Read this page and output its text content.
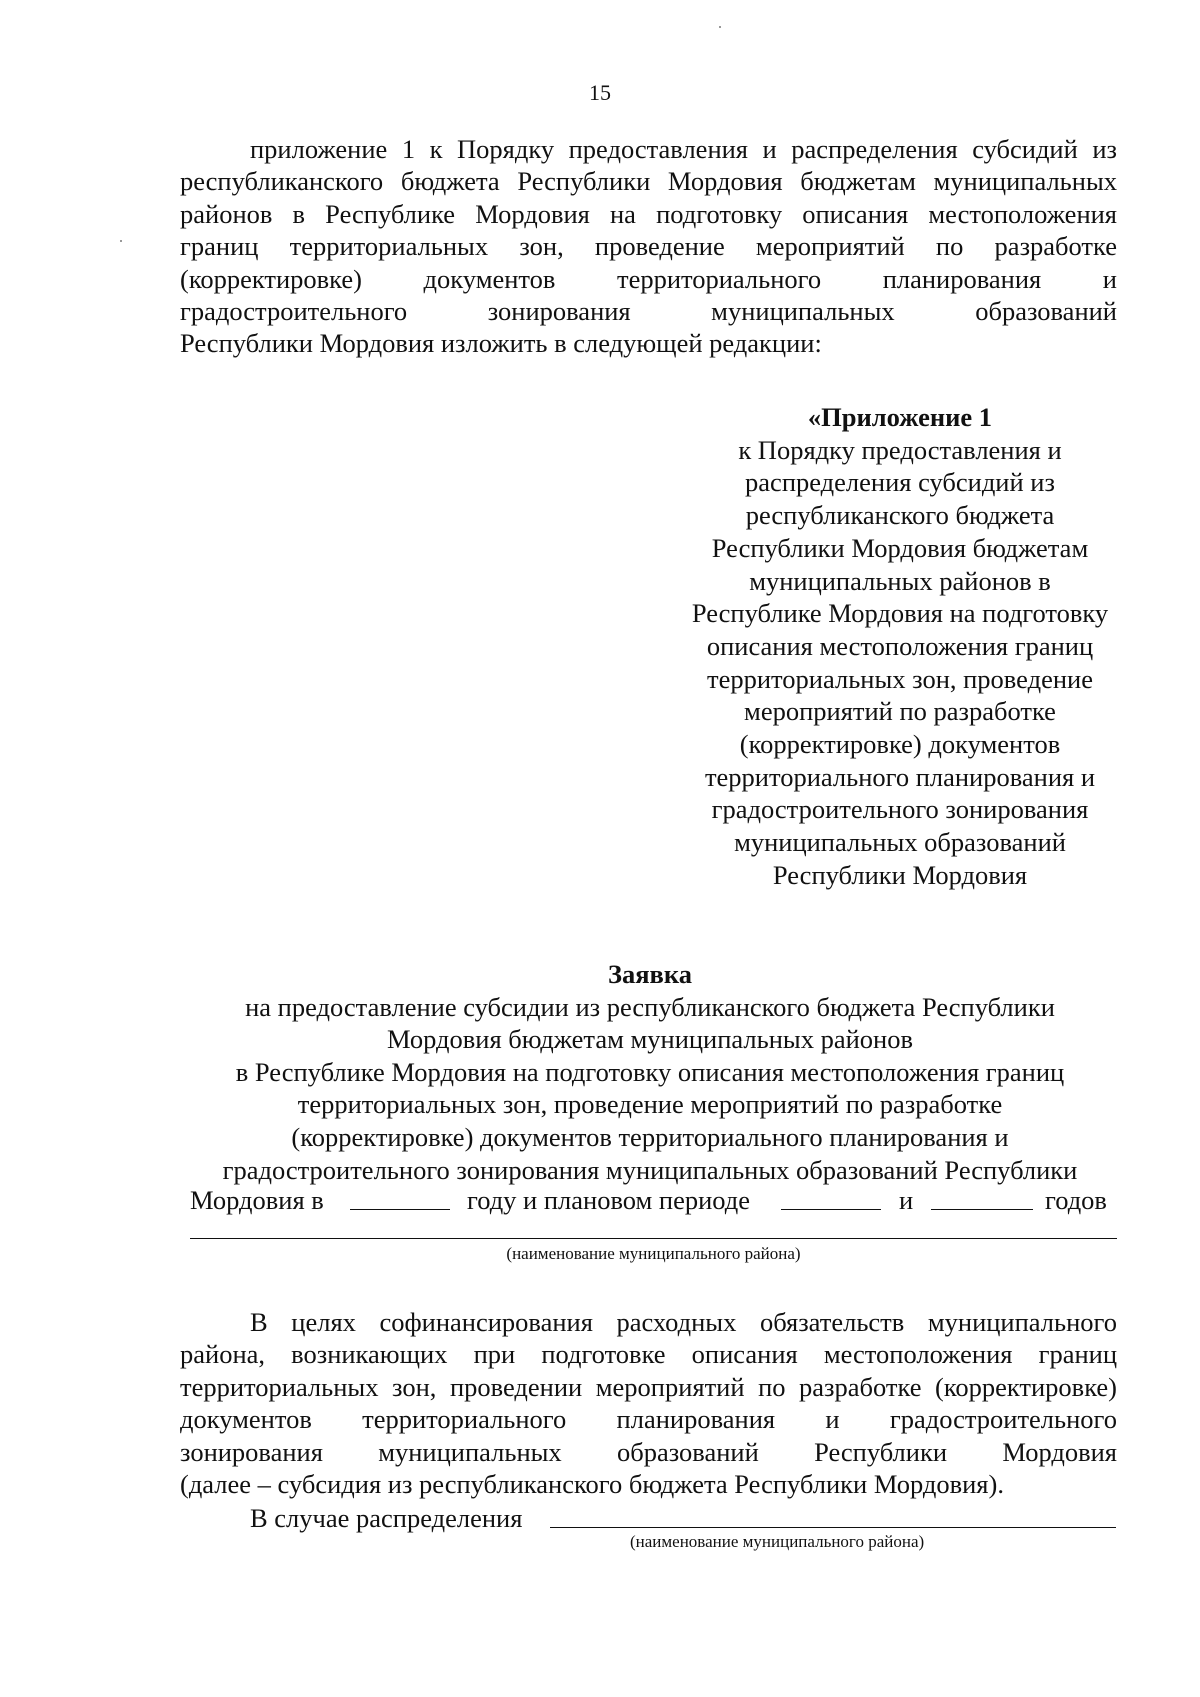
15
приложение 1 к Порядку предоставления и распределения субсидий из
республиканского бюджета Республики Мордовия бюджетам муниципальных
районов в Республике Мордовия на подготовку описания местоположения
границ территориальных зон, проведение мероприятий по разработке
(корректировке) документов территориального планирования и
градостроительного зонирования муниципальных образований
Республики Мордовия изложить в следующей редакции:
«Приложение 1
к Порядку предоставления и
распределения субсидий из
республиканского бюджета
Республики Мордовия бюджетам
муниципальных районов в
Республике Мордовия на подготовку
описания местоположения границ
территориальных зон, проведение
мероприятий по разработке
(корректировке) документов
территориального планирования и
градостроительного зонирования
муниципальных образований
Республики Мордовия
Заявка
на предоставление субсидии из республиканского бюджета Республики
Мордовия бюджетам муниципальных районов
в Республике Мордовия на подготовку описания местоположения границ
территориальных зон, проведение мероприятий по разработке
(корректировке) документов территориального планирования и
градостроительного зонирования муниципальных образований Республики
Мордовия в	году и плановом периоде	и	годов
(наименование муниципального района)
В целях софинансирования расходных обязательств муниципального
района, возникающих при подготовке описания местоположения границ
территориальных зон, проведении мероприятий по разработке (корректировке)
документов территориального планирования и градостроительного
зонирования муниципальных образований Республики Мордовия
(далее – субсидия из республиканского бюджета Республики Мордовия).
В случае распределения
(наименование муниципального района)
